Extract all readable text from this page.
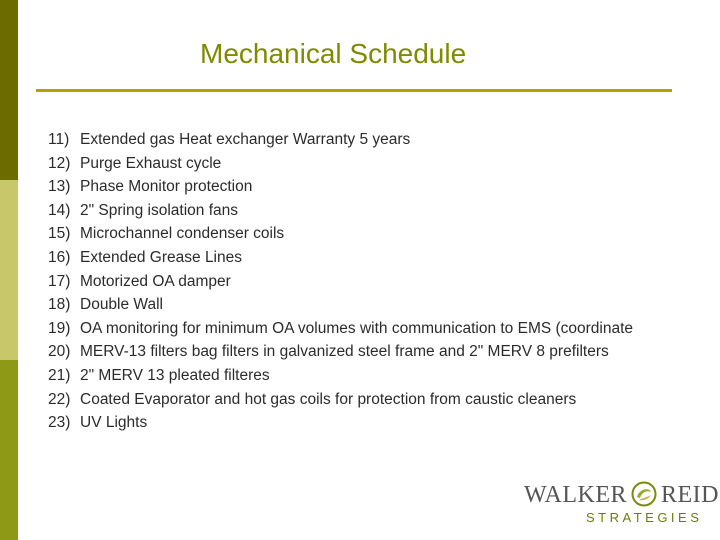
Mechanical Schedule
11) Extended gas Heat exchanger Warranty 5 years
12) Purge Exhaust cycle
13) Phase Monitor protection
14) 2" Spring isolation fans
15) Microchannel condenser coils
16) Extended Grease Lines
17) Motorized OA damper
18) Double Wall
19) OA monitoring for minimum OA volumes with communication to EMS (coordinate
20) MERV-13 filters bag filters in galvanized steel frame and 2" MERV 8 prefilters
21) 2" MERV 13 pleated filteres
22) Coated Evaporator and hot gas coils for protection from caustic cleaners
23) UV Lights
WALKER REID
STRATEGIES
